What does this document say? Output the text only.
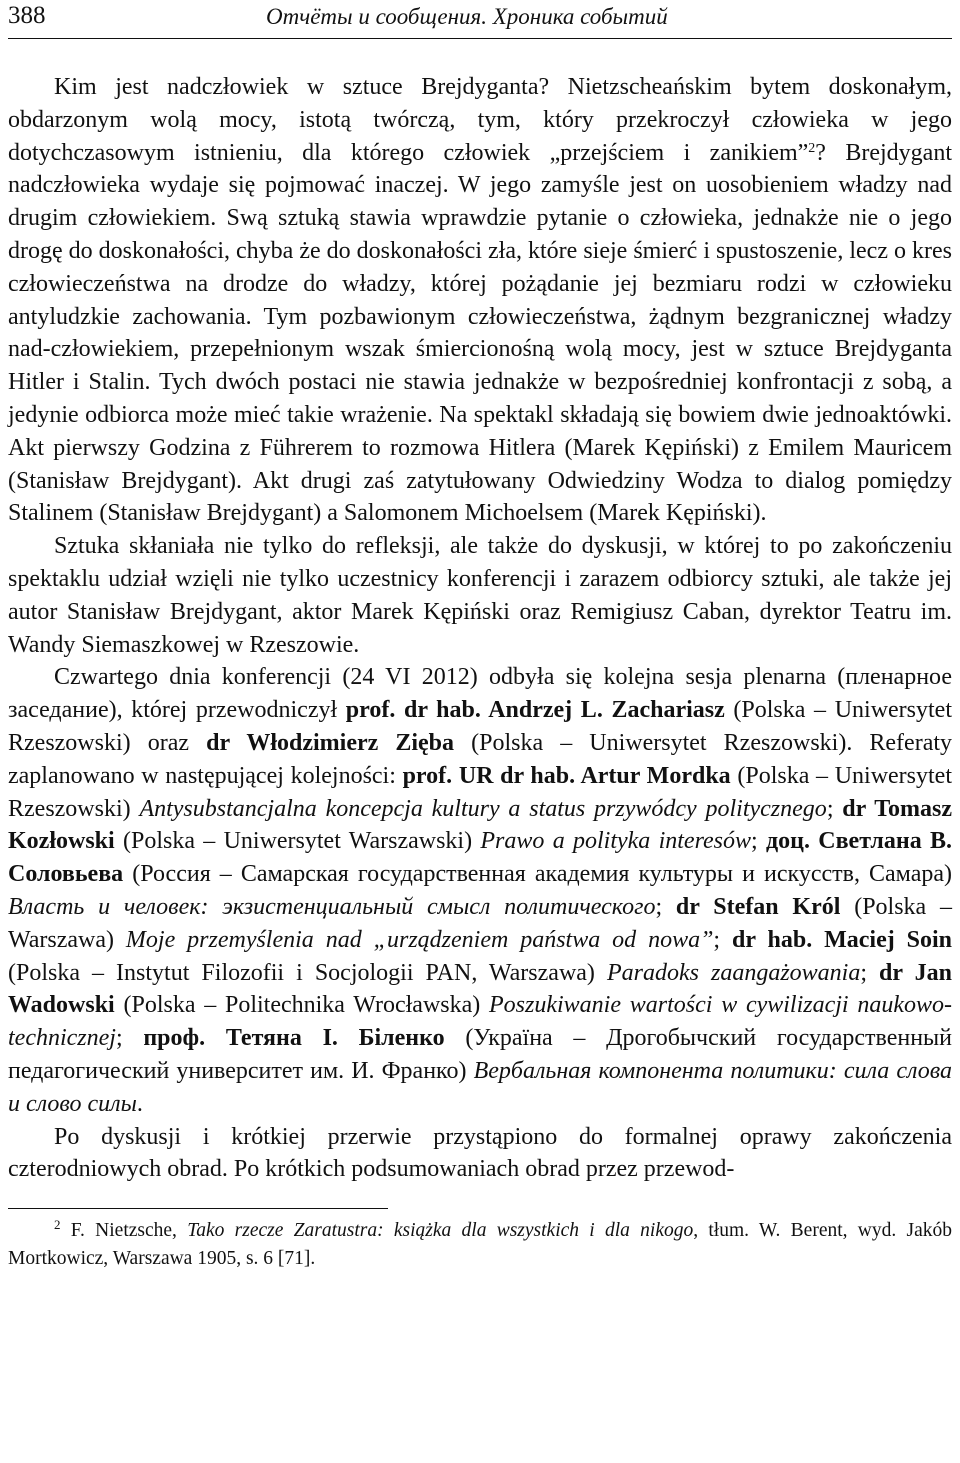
388	Отчёты и сообщения. Хроника событий

Kim jest nadczłowiek w sztuce Brejdyganta? Nietzscheańskim bytem doskonałym, obdarzonym wolą mocy, istotą twórczą, tym, który przekroczył człowieka w jego dotychczasowym istnieniu, dla którego człowiek „przejściem i zanikiem”$^2$? Brejdygant nadczłowieka wydaje się pojmować inaczej. W jego zamyśle jest on uosobieniem władzy nad drugim człowiekiem. Swą sztuką stawia wprawdzie pytanie o człowieka, jednakże nie o jego drogę do doskonałości, chyba że do doskonałości zła, które sieje śmierć i spustoszenie, lecz o kres człowieczeństwa na drodze do władzy, której pożądanie jej bezmiaru rodzi w człowieku antyludzkie zachowania. Tym pozbawionym człowieczeństwa, żądnym bezgranicznej władzy nad-człowiekiem, przepełnionym wszak śmiercionośną wolą mocy, jest w sztuce Brejdyganta Hitler i Stalin. Tych dwóch postaci nie stawia jednakże w bezpośredniej konfrontacji z sobą, a jedynie odbiorca może mieć takie wrażenie. Na spektakl składają się bowiem dwie jednoaktówki. Akt pierwszy Godzina z Führerem to rozmowa Hitlera (Marek Kępiński) z Emilem Mauricem (Stanisław Brejdygant). Akt drugi zaś zatytułowany Odwiedziny Wodza to dialog pomiędzy Stalinem (Stanisław Brejdygant) a Salomonem Michoelsem (Marek Kępiński).

Sztuka skłaniała nie tylko do refleksji, ale także do dyskusji, w której to po zakończeniu spektaklu udział wzięli nie tylko uczestnicy konferencji i zarazem odbiorcy sztuki, ale także jej autor Stanisław Brejdygant, aktor Marek Kępiński oraz Remigiusz Caban, dyrektor Teatru im. Wandy Siemaszkowej w Rzeszowie.

Czwartego dnia konferencji (24 VI 2012) odbyła się kolejna sesja plenarna (пленарное заседание), której przewodniczył prof. dr hab. Andrzej L. Zachariasz (Polska – Uniwersytet Rzeszowski) oraz dr Włodzimierz Zięba (Polska – Uniwersytet Rzeszowski). Referaty zaplanowano w następującej kolejności: prof. UR dr hab. Artur Mordka (Polska – Uniwersytet Rzeszowski) Antysubstancjalna koncepcja kultury a status przywódcy politycznego; dr Tomasz Kozłowski (Polska – Uniwersytet Warszawski) Prawo a polityka interesów; доц. Светлана В. Соловьева (Россия – Самарская государственная академия культуры и искусств, Самара) Власть и человек: экзистенциальный смысл политического; dr Stefan Król (Polska – Warszawa) Moje przemyślenia nad „urządzeniem państwa od nowa”; dr hab. Maciej Soin (Polska – Instytut Filozofii i Socjologii PAN, Warszawa) Paradoks zaangażowania; dr Jan Wadowski (Polska – Politechnika Wrocławska) Poszukiwanie wartości w cywilizacji naukowo-technicznej; проф. Тетяна І. Біленко (Україна – Дрогобычский государственный педагогический университет им. И. Франко) Вербальная компонента политики: сила слова и слово силы.

Po dyskusji i krótkiej przerwie przystąpiono do formalnej oprawy zakończenia czterodniowych obrad. Po krótkich podsumowaniach obrad przez przewod-

$^2$ F. Nietzsche, Tako rzecze Zaratustra: książka dla wszystkich i dla nikogo, tłum. W. Berent, wyd. Jakób Mortkowicz, Warszawa 1905, s. 6 [71].
